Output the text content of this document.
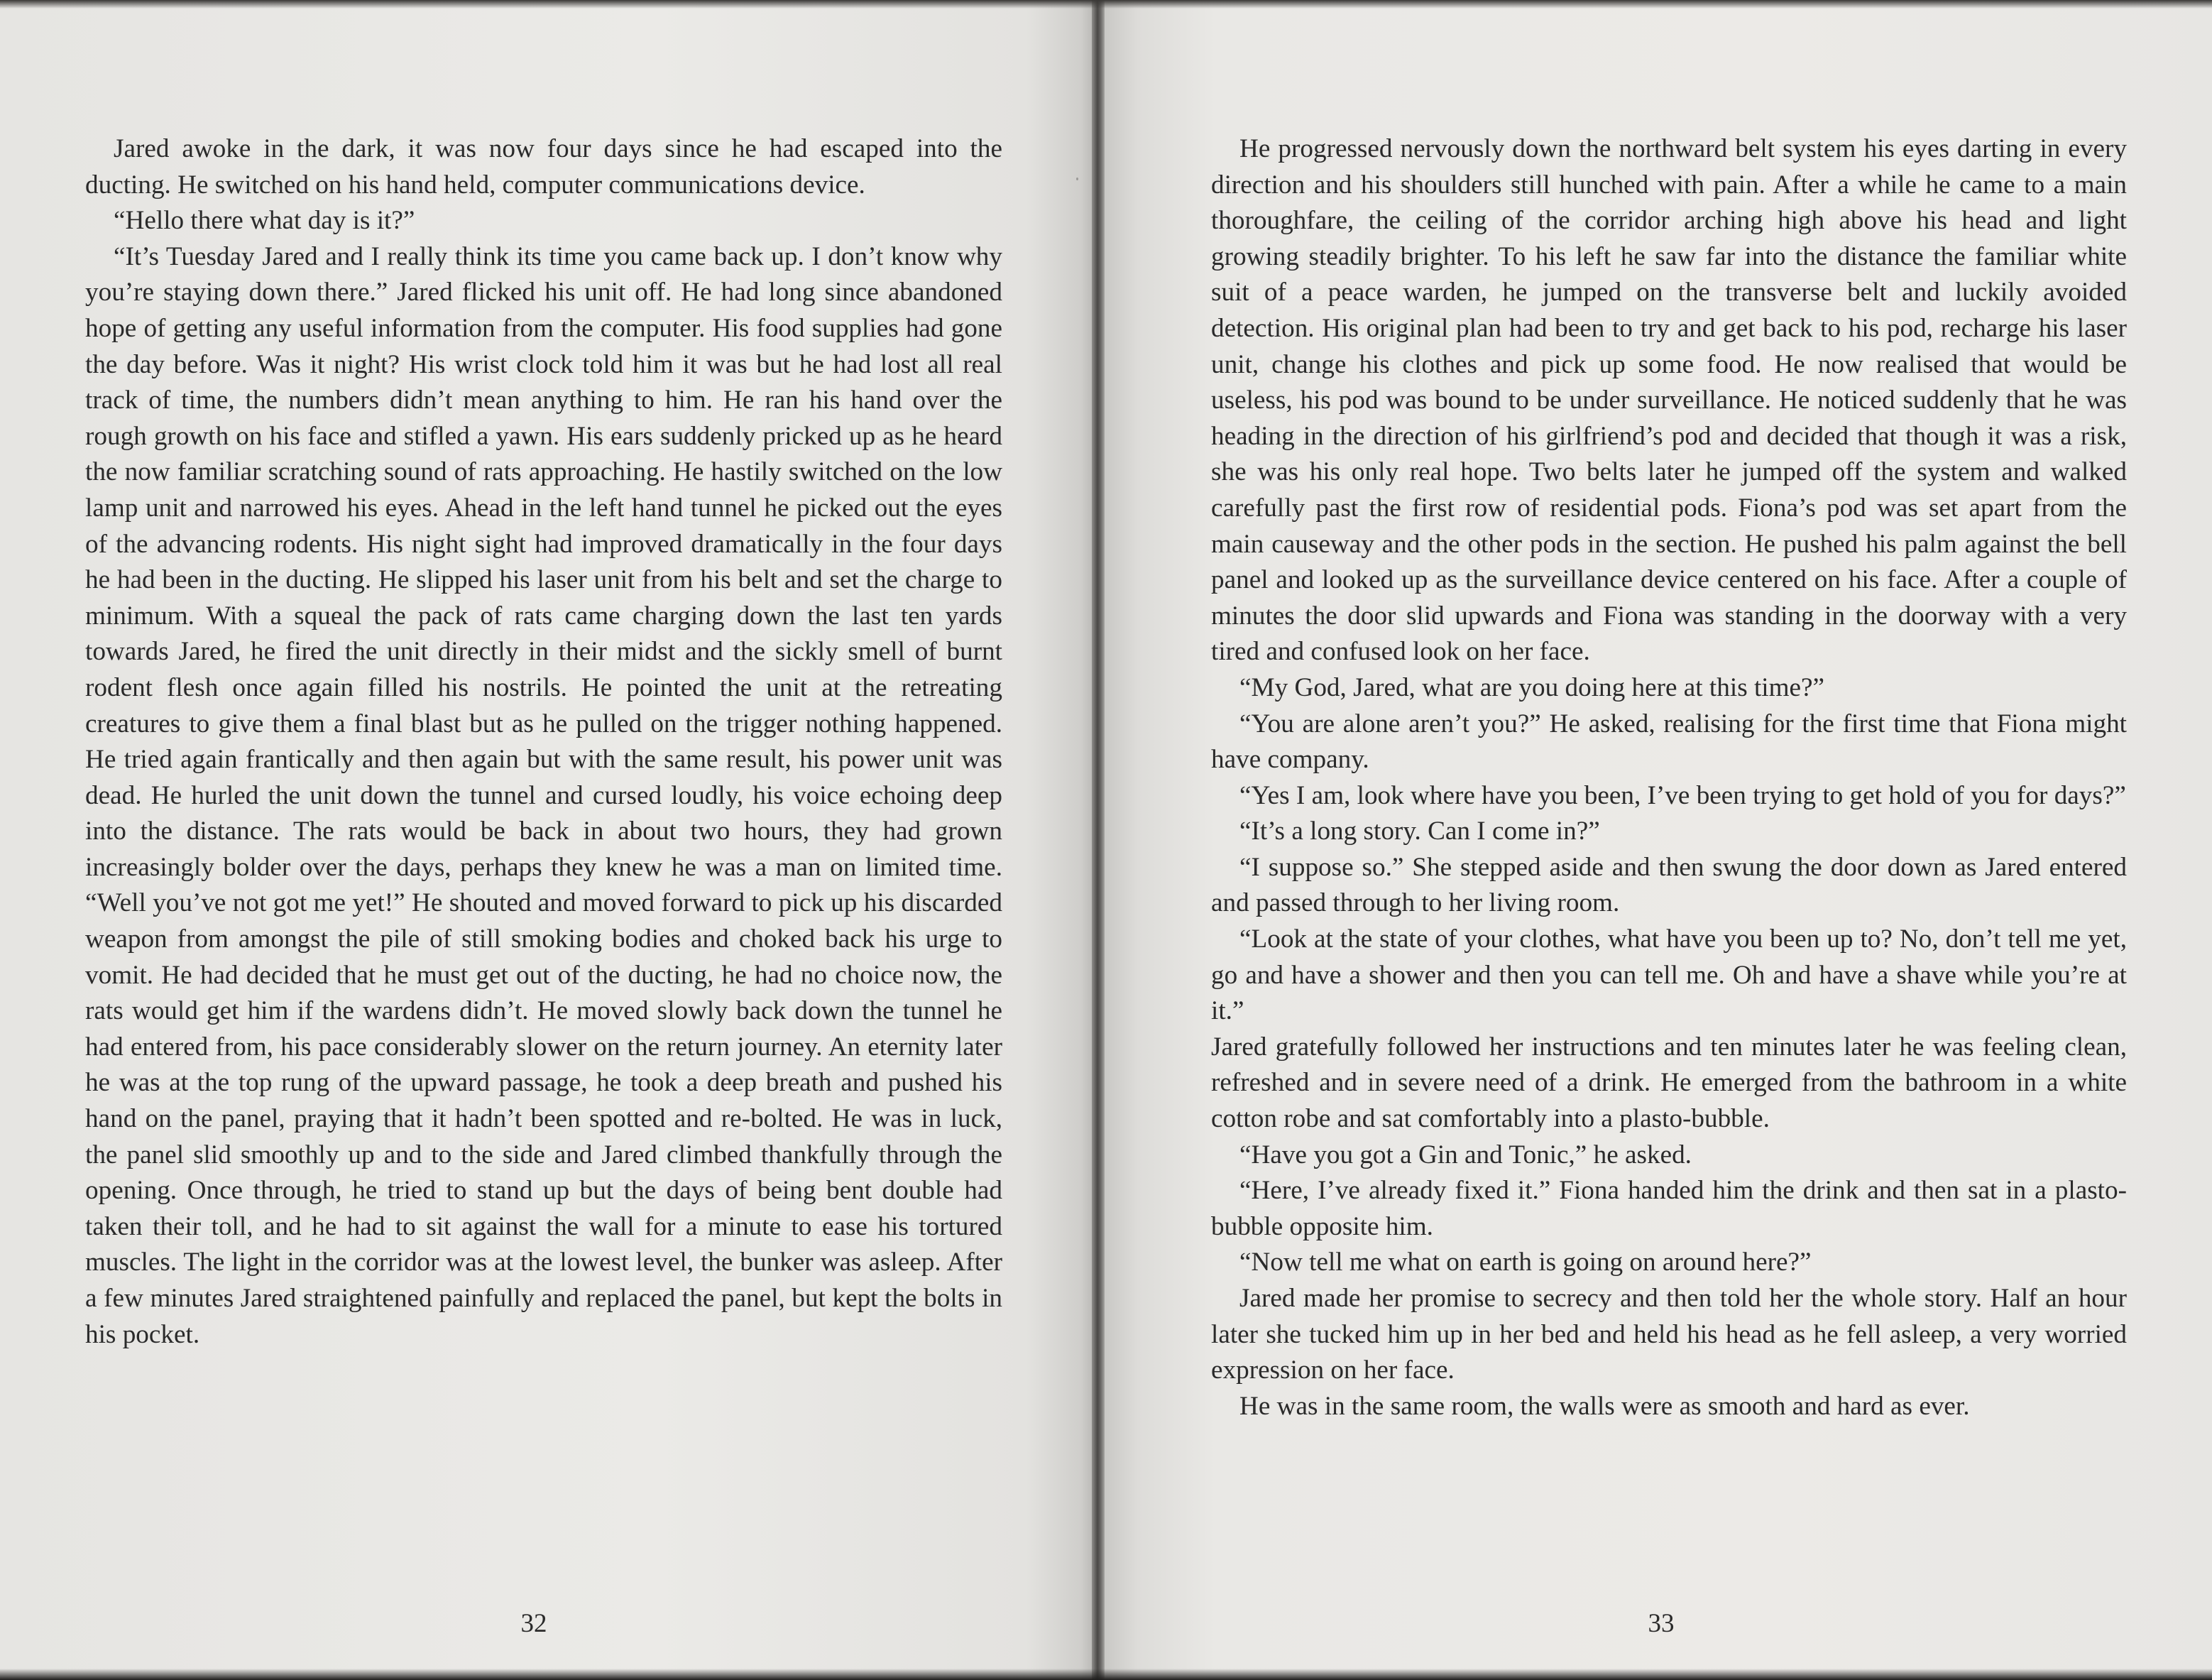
Jared awoke in the dark, it was now four days since he had escaped into the ducting. He switched on his hand held, computer communications device.

“Hello there what day is it?”

“It’s Tuesday Jared and I really think its time you came back up. I don’t know why you’re staying down there.” Jared flicked his unit off. He had long since abandoned hope of getting any useful information from the computer. His food supplies had gone the day before. Was it night? His wrist clock told him it was but he had lost all real track of time, the numbers didn’t mean anything to him. He ran his hand over the rough growth on his face and stifled a yawn. His ears suddenly pricked up as he heard the now familiar scratching sound of rats approaching. He hastily switched on the low lamp unit and narrowed his eyes. Ahead in the left hand tunnel he picked out the eyes of the advancing rodents. His night sight had improved dramatically in the four days he had been in the ducting. He slipped his laser unit from his belt and set the charge to minimum. With a squeal the pack of rats came charging down the last ten yards towards Jared, he fired the unit directly in their midst and the sickly smell of burnt rodent flesh once again filled his nostrils. He pointed the unit at the retreating creatures to give them a final blast but as he pulled on the trigger nothing happened. He tried again frantically and then again but with the same result, his power unit was dead. He hurled the unit down the tunnel and cursed loudly, his voice echoing deep into the distance. The rats would be back in about two hours, they had grown increasingly bolder over the days, perhaps they knew he was a man on limited time. “Well you’ve not got me yet!” He shouted and moved forward to pick up his discarded weapon from amongst the pile of still smoking bodies and choked back his urge to vomit. He had decided that he must get out of the ducting, he had no choice now, the rats would get him if the wardens didn’t. He moved slowly back down the tunnel he had entered from, his pace considerably slower on the return journey. An eternity later he was at the top rung of the upward passage, he took a deep breath and pushed his hand on the panel, praying that it hadn’t been spotted and re-bolted. He was in luck, the panel slid smoothly up and to the side and Jared climbed thankfully through the opening. Once through, he tried to stand up but the days of being bent double had taken their toll, and he had to sit against the wall for a minute to ease his tortured muscles. The light in the corridor was at the lowest level, the bunker was asleep. After a few minutes Jared straightened painfully and replaced the panel, but kept the bolts in his pocket.

32

He progressed nervously down the northward belt system his eyes darting in every direction and his shoulders still hunched with pain. After a while he came to a main thoroughfare, the ceiling of the corridor arching high above his head and light growing steadily brighter. To his left he saw far into the distance the familiar white suit of a peace warden, he jumped on the transverse belt and luckily avoided detection. His original plan had been to try and get back to his pod, recharge his laser unit, change his clothes and pick up some food. He now realised that would be useless, his pod was bound to be under surveillance. He noticed suddenly that he was heading in the direction of his girlfriend’s pod and decided that though it was a risk, she was his only real hope. Two belts later he jumped off the system and walked carefully past the first row of residential pods. Fiona’s pod was set apart from the main causeway and the other pods in the section. He pushed his palm against the bell panel and looked up as the surveillance device centered on his face. After a couple of minutes the door slid upwards and Fiona was standing in the doorway with a very tired and confused look on her face.

“My God, Jared, what are you doing here at this time?”

“You are alone aren’t you?” He asked, realising for the first time that Fiona might have company.

“Yes I am, look where have you been, I’ve been trying to get hold of you for days?”

“It’s a long story. Can I come in?”

“I suppose so.” She stepped aside and then swung the door down as Jared entered and passed through to her living room.

“Look at the state of your clothes, what have you been up to? No, don’t tell me yet, go and have a shower and then you can tell me. Oh and have a shave while you’re at it.”

Jared gratefully followed her instructions and ten minutes later he was feeling clean, refreshed and in severe need of a drink. He emerged from the bathroom in a white cotton robe and sat comfortably into a plasto-bubble.

“Have you got a Gin and Tonic,” he asked.

“Here, I’ve already fixed it.” Fiona handed him the drink and then sat in a plasto-bubble opposite him.

“Now tell me what on earth is going on around here?”

Jared made her promise to secrecy and then told her the whole story. Half an hour later she tucked him up in her bed and held his head as he fell asleep, a very worried expression on her face.

He was in the same room, the walls were as smooth and hard as ever.

33
